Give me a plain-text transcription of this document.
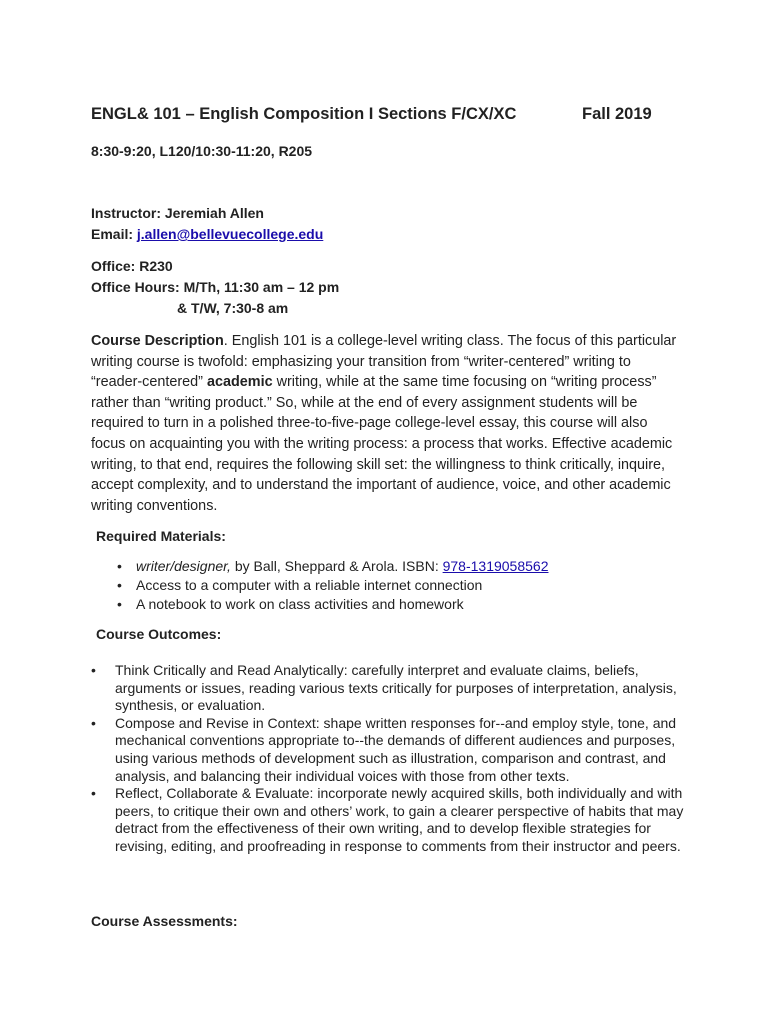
ENGL& 101 – English Composition I Sections F/CX/XC	Fall 2019
8:30-9:20, L120/10:30-11:20, R205
Instructor: Jeremiah Allen
Email: j.allen@bellevuecollege.edu
Office: R230
Office Hours: M/Th, 11:30 am – 12 pm
& T/W, 7:30-8 am

Course Description. English 101 is a college-level writing class. The focus of this particular writing course is twofold: emphasizing your transition from “writer-centered” writing to “reader-centered” academic writing, while at the same time focusing on “writing process” rather than “writing product.” So, while at the end of every assignment students will be required to turn in a polished three-to-five-page college-level essay, this course will also focus on acquainting you with the writing process: a process that works. Effective academic writing, to that end, requires the following skill set: the willingness to think critically, inquire, accept complexity, and to understand the important of audience, voice, and other academic writing conventions.

Required Materials:
• writer/designer, by Ball, Sheppard & Arola. ISBN: 978-1319058562
• Access to a computer with a reliable internet connection
• A notebook to work on class activities and homework
Course Outcomes:
• Think Critically and Read Analytically: carefully interpret and evaluate claims, beliefs, arguments or issues, reading various texts critically for purposes of interpretation, analysis, synthesis, or evaluation.
• Compose and Revise in Context: shape written responses for--and employ style, tone, and mechanical conventions appropriate to--the demands of different audiences and purposes, using various methods of development such as illustration, comparison and contrast, and analysis, and balancing their individual voices with those from other texts.
• Reflect, Collaborate & Evaluate: incorporate newly acquired skills, both individually and with peers, to critique their own and others’ work, to gain a clearer perspective of habits that may detract from the effectiveness of their own writing, and to develop flexible strategies for revising, editing, and proofreading in response to comments from their instructor and peers.
Course Assessments:
